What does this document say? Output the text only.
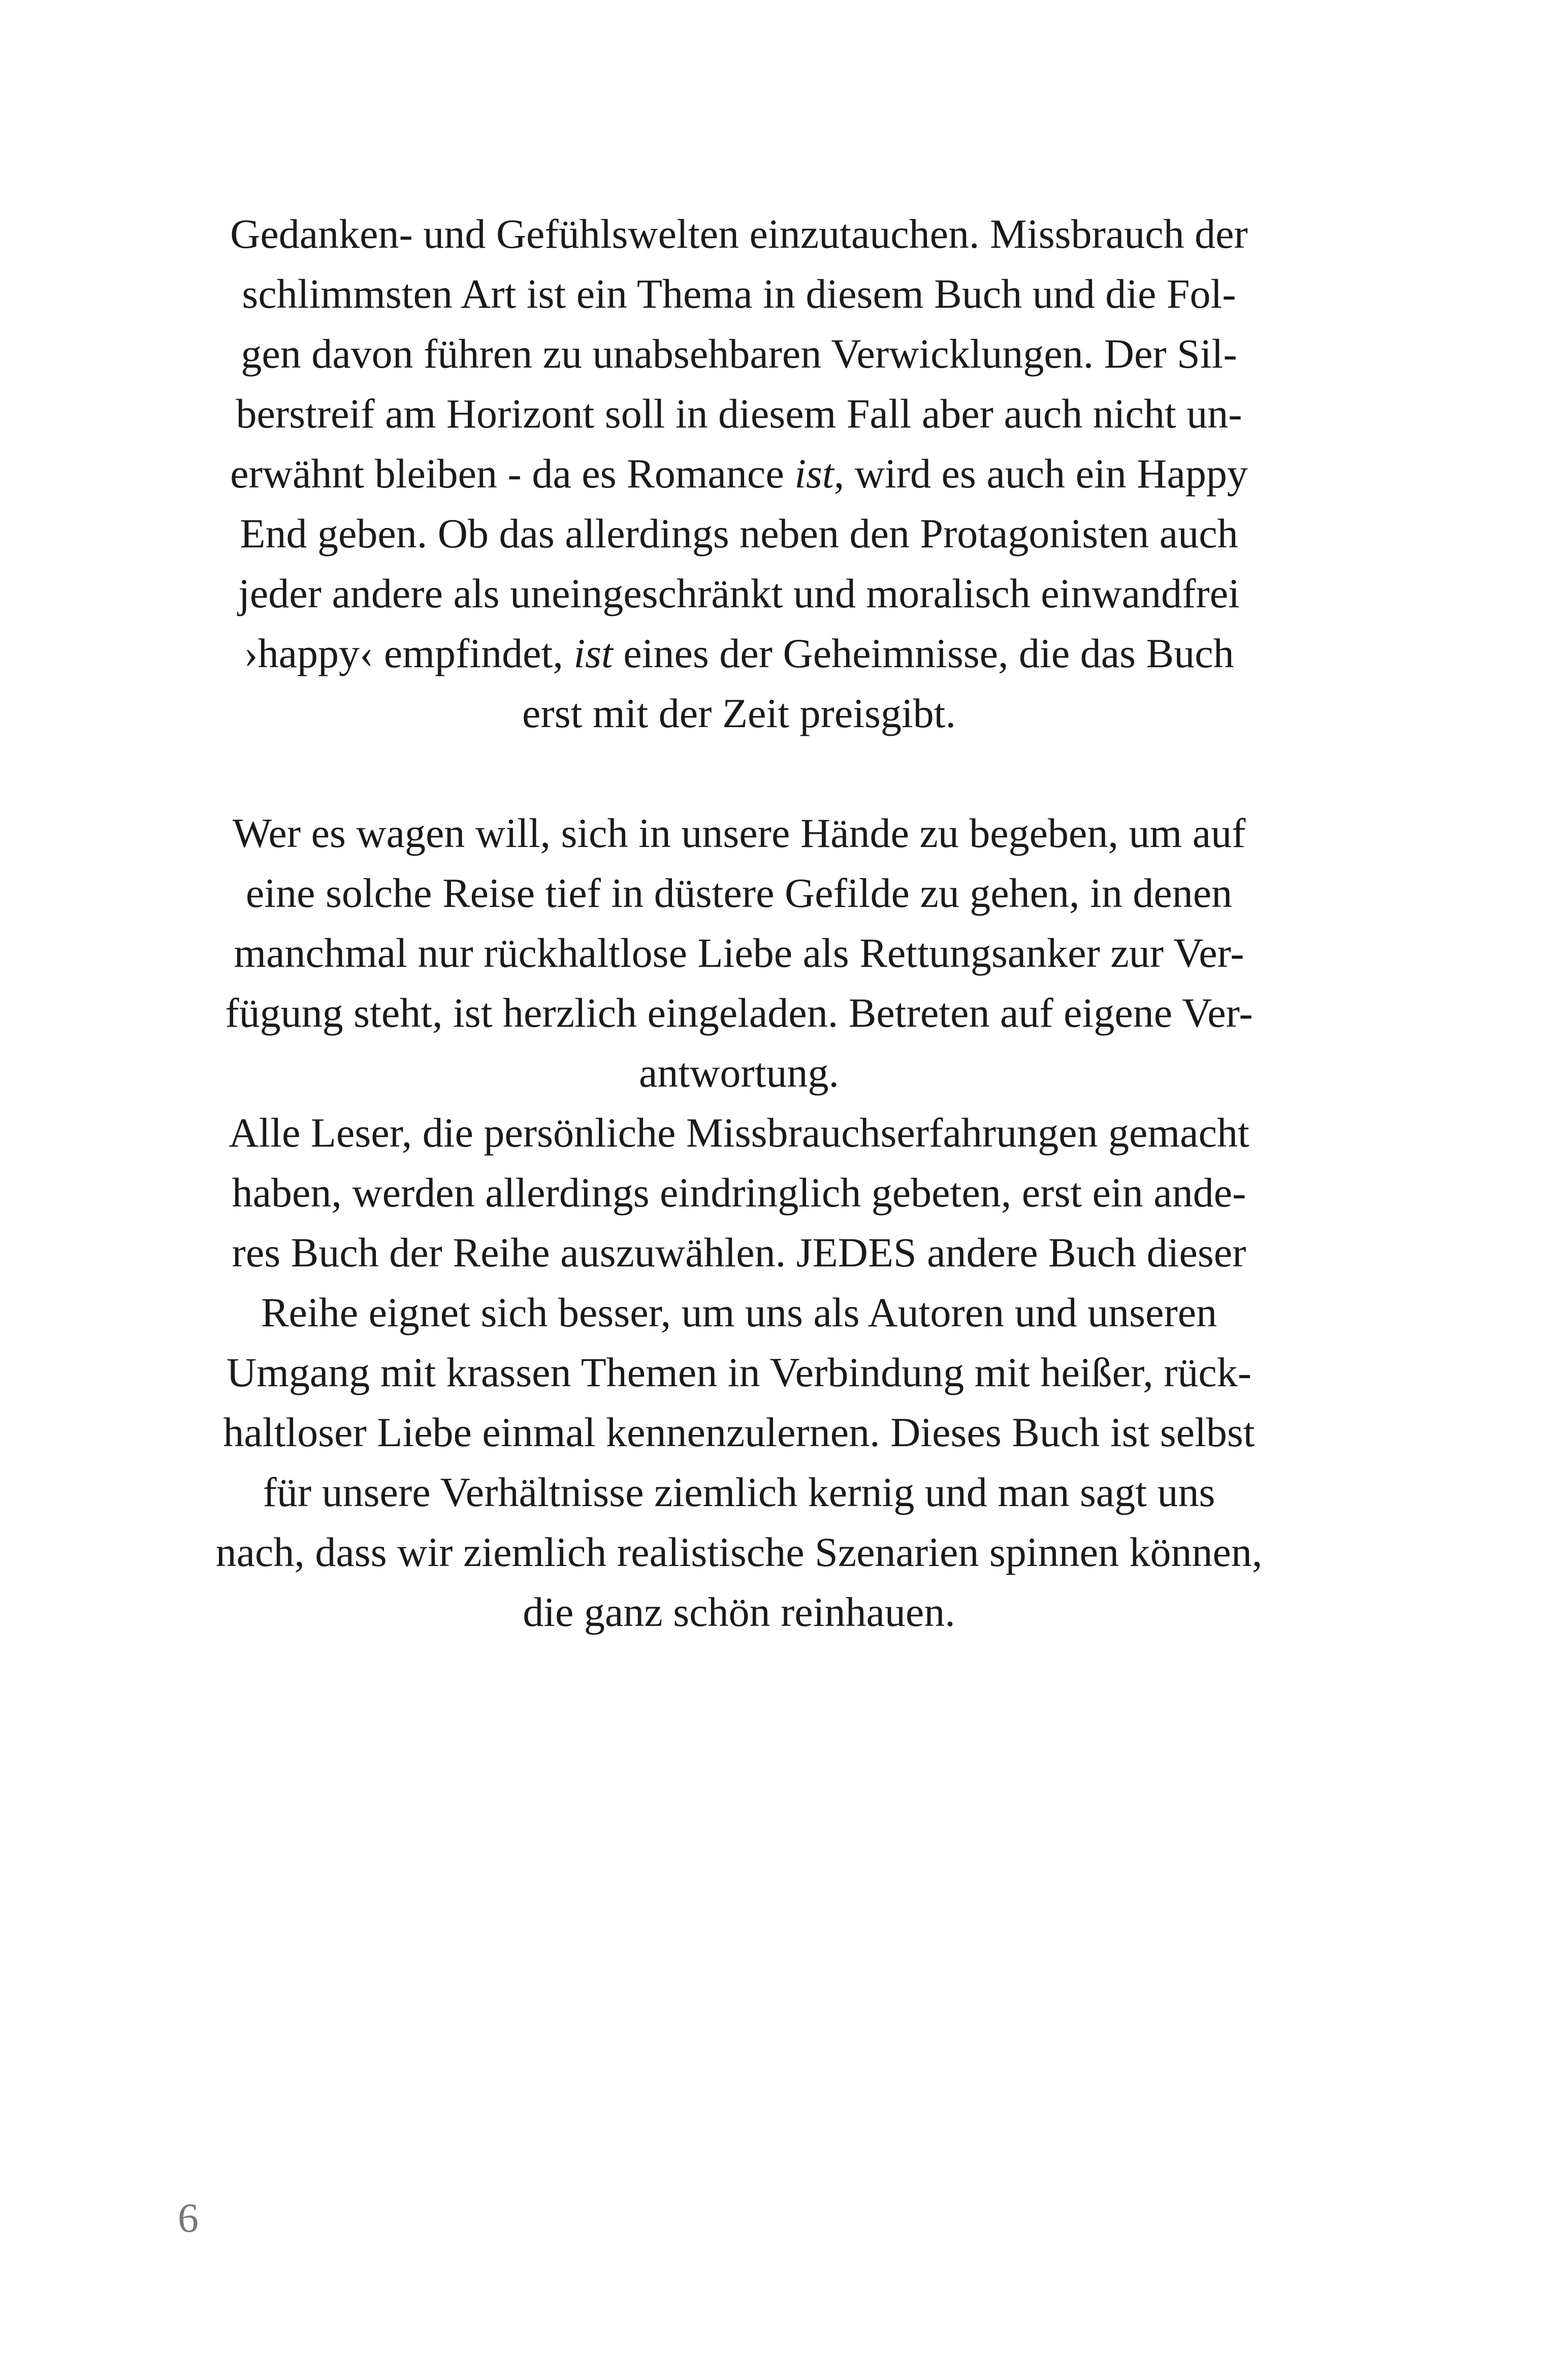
Gedanken- und Gefühlswelten einzutauchen. Missbrauch der
schlimmsten Art ist ein Thema in diesem Buch und die Fol-
gen davon führen zu unabsehbaren Verwicklungen. Der Sil-
berstreif am Horizont soll in diesem Fall aber auch nicht un-
erwähnt bleiben - da es Romance ist, wird es auch ein Happy
End geben. Ob das allerdings neben den Protagonisten auch
jeder andere als uneingeschränkt und moralisch einwandfrei
›happy‹ empfindet, ist eines der Geheimnisse, die das Buch
erst mit der Zeit preisgibt.
Wer es wagen will, sich in unsere Hände zu begeben, um auf
eine solche Reise tief in düstere Gefilde zu gehen, in denen
manchmal nur rückhaltlose Liebe als Rettungsanker zur Ver-
fügung steht, ist herzlich eingeladen. Betreten auf eigene Ver-
antwortung.
Alle Leser, die persönliche Missbrauchserfahrungen gemacht
haben, werden allerdings eindringlich gebeten, erst ein ande-
res Buch der Reihe auszuwählen. JEDES andere Buch dieser
Reihe eignet sich besser, um uns als Autoren und unseren
Umgang mit krassen Themen in Verbindung mit heißer, rück-
haltloser Liebe einmal kennenzulernen. Dieses Buch ist selbst
für unsere Verhältnisse ziemlich kernig und man sagt uns
nach, dass wir ziemlich realistische Szenarien spinnen können,
die ganz schön reinhauen.
6
